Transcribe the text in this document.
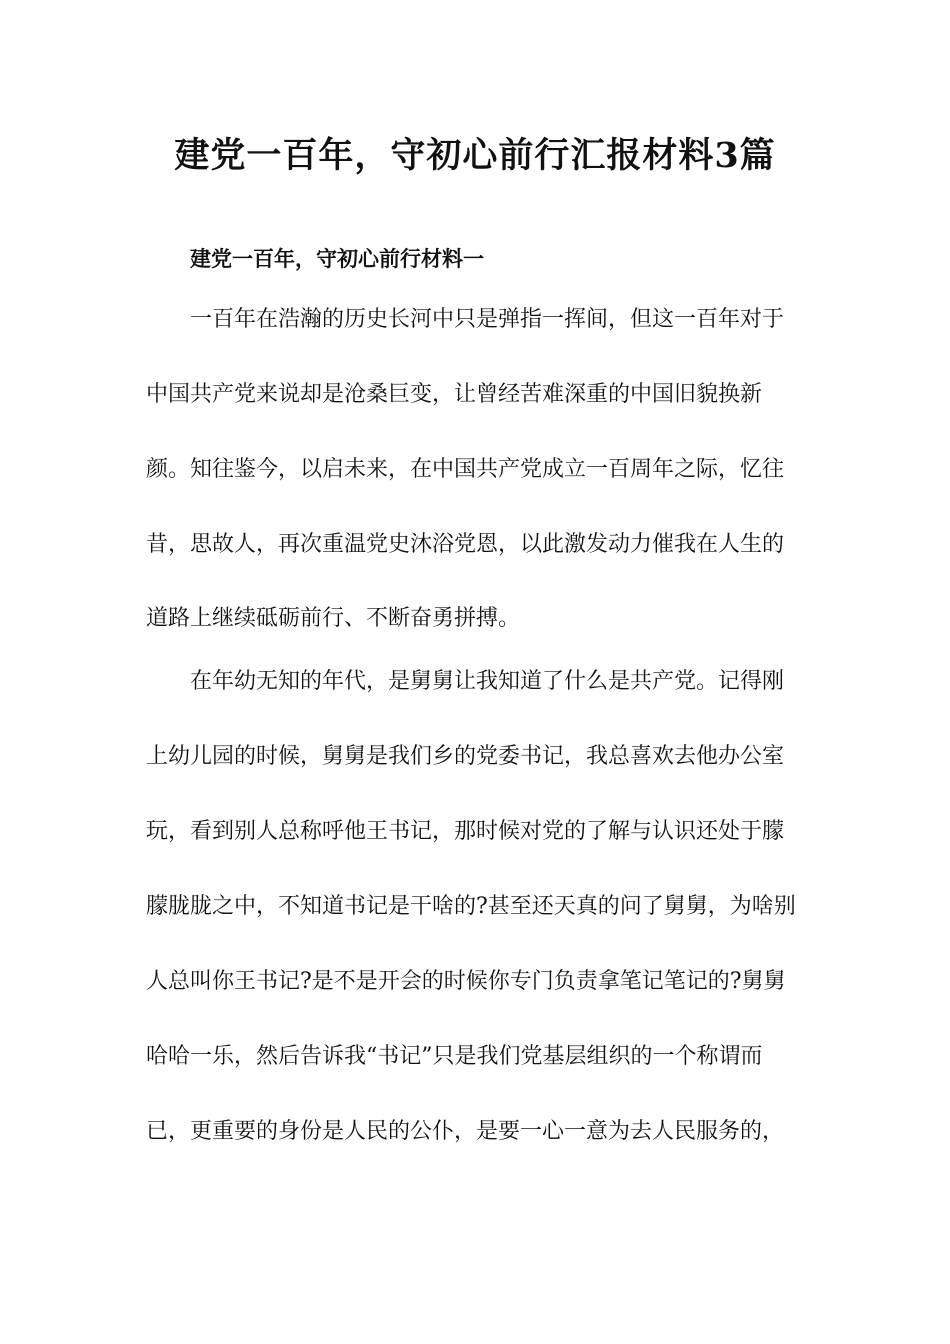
建党一百年，守初心前行汇报材料3篇
建党一百年，守初心前行材料一
一百年在浩瀚的历史长河中只是弹指一挥间，但这一百年对于
中国共产党来说却是沧桑巨变，让曾经苦难深重的中国旧貌换新
颜。知往鉴今，以启未来，在中国共产党成立一百周年之际，忆往
昔，思故人，再次重温党史沐浴党恩，以此激发动力催我在人生的
道路上继续砥砺前行、不断奋勇拼搏。
在年幼无知的年代，是舅舅让我知道了什么是共产党。记得刚
上幼儿园的时候，舅舅是我们乡的党委书记，我总喜欢去他办公室
玩，看到别人总称呼他王书记，那时候对党的了解与认识还处于朦
朦胧胧之中，不知道书记是干啥的?甚至还天真的问了舅舅，为啥别
人总叫你王书记?是不是开会的时候你专门负责拿笔记笔记的?舅舅
哈哈一乐，然后告诉我“书记”只是我们党基层组织的一个称谓而
已，更重要的身份是人民的公仆，是要一心一意为去人民服务的，
